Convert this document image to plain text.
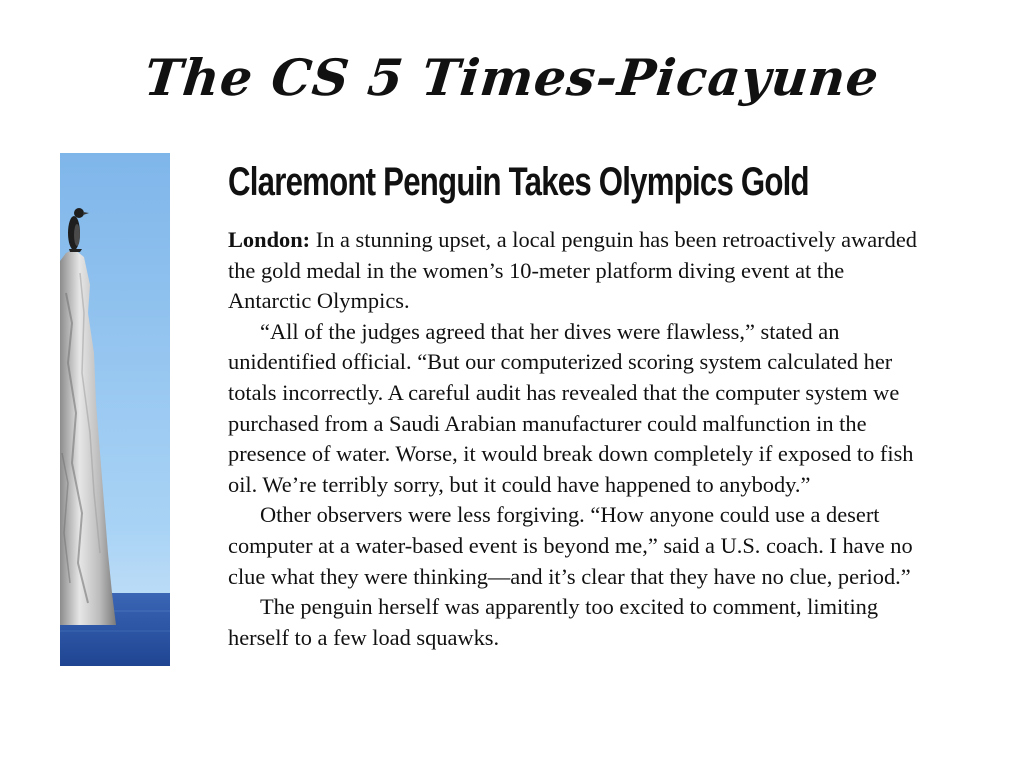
The CS 5 Times-Picayune
Claremont Penguin Takes Olympics Gold

London: In a stunning upset, a local penguin has been retroactively awarded the gold medal in the women’s 10-meter platform diving event at the Antarctic Olympics.

“All of the judges agreed that her dives were flawless,” stated an unidentified official. “But our computerized scoring system calculated her totals incorrectly. A careful audit has revealed that the computer system we purchased from a Saudi Arabian manufacturer could malfunction in the presence of water. Worse, it would break down completely if exposed to fish oil. We’re terribly sorry, but it could have happened to anybody.”

Other observers were less forgiving. “How anyone could use a desert computer at a water-based event is beyond me,” said a U.S. coach. I have no clue what they were thinking—and it’s clear that they have no clue, period.”

The penguin herself was apparently too excited to comment, limiting herself to a few load squawks.
